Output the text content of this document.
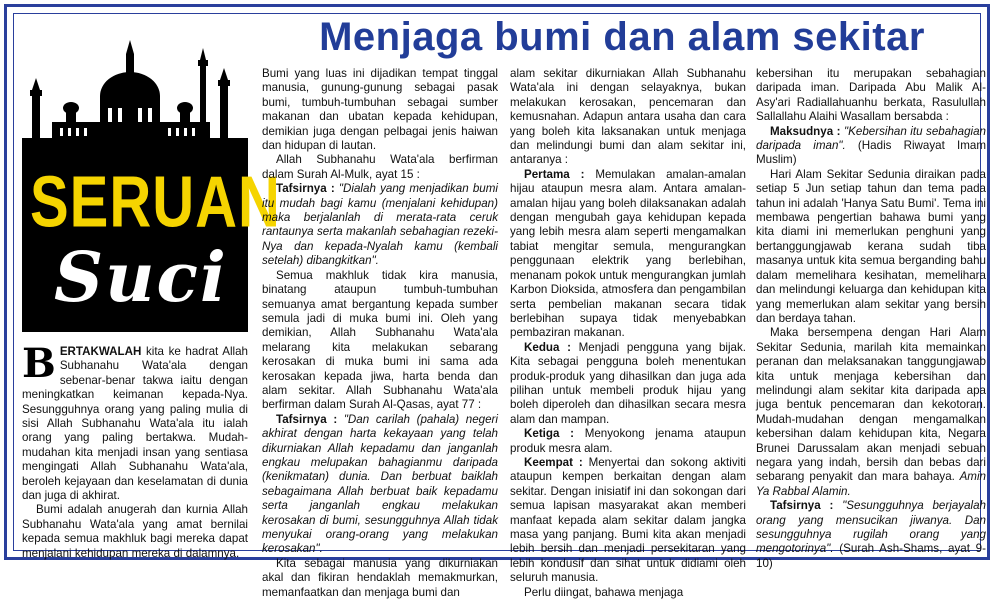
Menjaga bumi dan alam sekitar
SERUAN
Suci

BERTAKWALAH kita ke hadrat Allah Subhanahu Wata'ala dengan sebenar-benar takwa iaitu dengan meningkatkan keimanan kepada-Nya. Sesungguhnya orang yang paling mulia di sisi Allah Subhanahu Wata'ala itu ialah orang yang paling bertakwa. Mudah-mudahan kita menjadi insan yang sentiasa mengingati Allah Subhanahu Wata'ala, beroleh kejayaan dan keselamatan di dunia dan juga di akhirat.

Bumi adalah anugerah dan kurnia Allah Subhanahu Wata'ala yang amat bernilai kepada semua makhluk bagi mereka dapat menjalani kehidupan mereka di dalamnya.

Bumi yang luas ini dijadikan tempat tinggal manusia, gunung-gunung sebagai pasak bumi, tumbuh-tumbuhan sebagai sumber makanan dan ubatan kepada kehidupan, demikian juga dengan pelbagai jenis haiwan dan hidupan di lautan.

Allah Subhanahu Wata'ala berfirman dalam Surah Al-Mulk, ayat 15 :

Tafsirnya : "Dialah yang menjadikan bumi itu mudah bagi kamu (menjalani kehidupan) maka berjalanlah di merata-rata ceruk rantaunya serta makanlah sebahagian rezeki-Nya dan kepada-Nyalah kamu (kembali setelah) dibangkitkan".

Semua makhluk tidak kira manusia, binatang ataupun tumbuh-tumbuhan semuanya amat bergantung kepada sumber semula jadi di muka bumi ini. Oleh yang demikian, Allah Subhanahu Wata'ala melarang kita melakukan sebarang kerosakan di muka bumi ini sama ada kerosakan kepada jiwa, harta benda dan alam sekitar. Allah Subhanahu Wata'ala berfirman dalam Surah Al-Qasas, ayat 77 :

Tafsirnya : "Dan carilah (pahala) negeri akhirat dengan harta kekayaan yang telah dikurniakan Allah kepadamu dan janganlah engkau melupakan bahagianmu daripada (kenikmatan) dunia. Dan berbuat baiklah sebagaimana Allah berbuat baik kepadamu serta janganlah engkau melakukan kerosakan di bumi, sesungguhnya Allah tidak menyukai orang-orang yang melakukan kerosakan".

Kita sebagai manusia yang dikurniakan akal dan fikiran hendaklah memakmurkan, memanfaatkan dan menjaga bumi dan

alam sekitar dikurniakan Allah Subhanahu Wata'ala ini dengan selayaknya, bukan melakukan kerosakan, pencemaran dan kemusnahan. Adapun antara usaha dan cara yang boleh kita laksanakan untuk menjaga dan melindungi bumi dan alam sekitar ini, antaranya :

Pertama : Memulakan amalan-amalan hijau ataupun mesra alam. Antara amalan-amalan hijau yang boleh dilaksanakan adalah dengan mengubah gaya kehidupan kepada yang lebih mesra alam seperti mengamalkan tabiat mengitar semula, mengurangkan penggunaan elektrik yang berlebihan, menanam pokok untuk mengurangkan jumlah Karbon Dioksida, atmosfera dan pengambilan serta pembelian makanan secara tidak berlebihan supaya tidak menyebabkan pembaziran makanan.

Kedua : Menjadi pengguna yang bijak. Kita sebagai pengguna boleh menentukan produk-produk yang dihasilkan dan juga ada pilihan untuk membeli produk hijau yang boleh diperoleh dan dihasilkan secara mesra alam dan mampan.

Ketiga : Menyokong jenama ataupun produk mesra alam.

Keempat : Menyertai dan sokong aktiviti ataupun kempen berkaitan dengan alam sekitar. Dengan inisiatif ini dan sokongan dari semua lapisan masyarakat akan memberi manfaat kepada alam sekitar dalam jangka masa yang panjang. Bumi kita akan menjadi lebih bersih dan menjadi persekitaran yang lebih kondusif dan sihat untuk didiami oleh seluruh manusia.

Perlu diingat, bahawa menjaga

kebersihan itu merupakan sebahagian daripada iman. Daripada Abu Malik Al-Asy'ari Radiallahuanhu berkata, Rasulullah Sallallahu Alaihi Wasallam bersabda :

Maksudnya : "Kebersihan itu sebahagian daripada iman". (Hadis Riwayat Imam Muslim)

Hari Alam Sekitar Sedunia diraikan pada setiap 5 Jun setiap tahun dan tema pada tahun ini adalah 'Hanya Satu Bumi'. Tema ini membawa pengertian bahawa bumi yang kita diami ini memerlukan penghuni yang bertanggungjawab kerana sudah tiba masanya untuk kita semua berganding bahu dalam memelihara kesihatan, memelihara dan melindungi keluarga dan kehidupan kita yang memerlukan alam sekitar yang bersih dan berdaya tahan.

Maka bersempena dengan Hari Alam Sekitar Sedunia, marilah kita memainkan peranan dan melaksanakan tanggungjawab kita untuk menjaga kebersihan dan melindungi alam sekitar kita daripada apa juga bentuk pencemaran dan kekotoran. Mudah-mudahan dengan mengamalkan kebersihan dalam kehidupan kita, Negara Brunei Darussalam akan menjadi sebuah negara yang indah, bersih dan bebas dari sebarang penyakit dan mara bahaya. Amin Ya Rabbal Alamin.

Tafsirnya : "Sesungguhnya berjayalah orang yang mensucikan jiwanya. Dan sesungguhnya rugilah orang yang mengotorinya". (Surah Ash-Shams, ayat 9-10)
